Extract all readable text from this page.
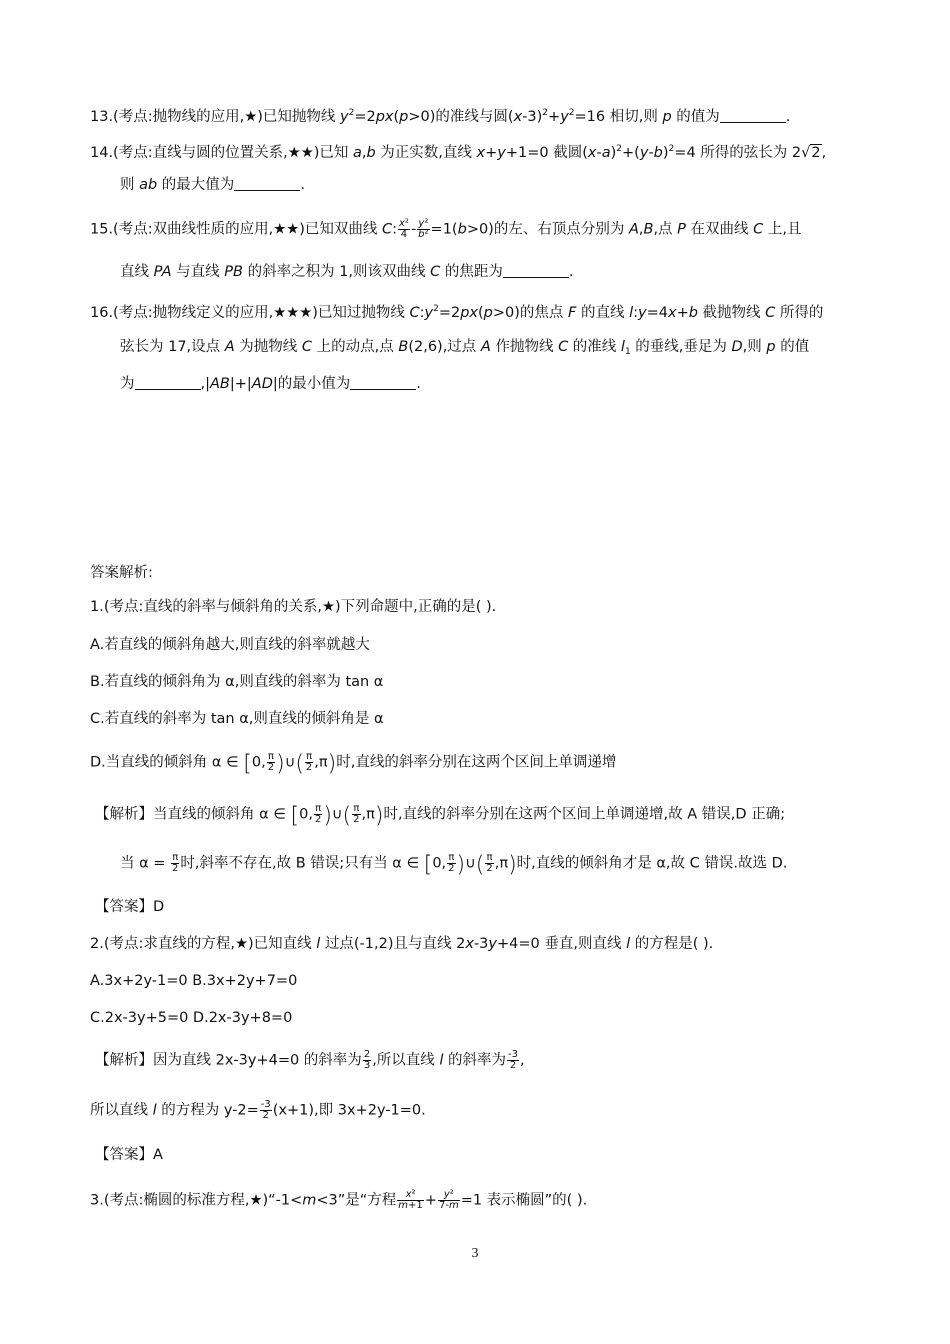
13.(考点:抛物线的应用,★)已知抛物线 $y^2=2px(p>0)$的准线与圆$(x-3)^2+y^2=16$ 相切,则 p 的值为	.
14.(考点:直线与圆的位置关系,★★)已知 a,b 为正实数,直线 x+y+1=0 截圆$(x-a)^2+(y-b)^2=4$ 所得的弦长为 2√2,
则 ab 的最大值为	.
15.(考点:双曲线性质的应用,★★)已知双曲线 C: $\frac{\text{x²}}{4} - \frac{\text{y²}}{\text{b²}} =1(b>0)$的左、右顶点分别为 A,B,点 P 在双曲线 C 上,且
直线 PA 与直线 PB 的斜率之积为 1,则该双曲线 C 的焦距为	.
16.(考点:抛物线定义的应用,★★★)已知过抛物线 $C:y^2=2px(p>0)$的焦点 F 的直线 l:y=4x+b 截抛物线 C 所得的
弦长为 17,设点 A 为抛物线 C 上的动点,点 B(2,6),过点 A 作抛物线 C 的准线 $l_1$ 的垂线,垂足为 D,则 p 的值
为	,|AB|+|AD|的最小值为	.
答案解析:
1.(考点:直线的斜率与倾斜角的关系,★)下列命题中,正确的是( ).
A.若直线的倾斜角越大,则直线的斜率就越大
B.若直线的倾斜角为 α,则直线的斜率为 tan α
C.若直线的斜率为 tan α,则直线的倾斜角是 α
D.当直线的倾斜角 α ∈ [0, $\frac{\pi}{2}$ )∪( $\frac{\pi}{2} ,\pi$)时,直线的斜率分别在这两个区间上单调递增
【解析】当直线的倾斜角 α ∈ [0, $\frac{\pi}{2}$ )∪( $\frac{\pi}{2} ,\pi$)时,直线的斜率分别在这两个区间上单调递增,故 A 错误,D 正确;
当 $\alpha = \frac{\pi}{2}$ 时,斜率不存在,故 B 错误;只有当 α ∈ [0, $\frac{\pi}{2}$ )∪( $\frac{\pi}{2} ,\pi$)时,直线的倾斜角才是 α,故 C 错误.故选 D.
【答案】D
2.(考点:求直线的方程,★)已知直线 l 过点(-1,2)且与直线 2x-3y+4=0 垂直,则直线 l 的方程是( ).
A.3x+2y-1=0 B.3x+2y+7=0
C.2x-3y+5=0 D.2x-3y+8=0
【解析】因为直线 2x-3y+4=0 的斜率为 $\frac{2}{3}$ ,所以直线 l 的斜率为 $\frac{-3}{2}$ ,
所以直线 l 的方程为 $y-2= \frac{-3}{2} (x+1)$,即 3x+2y-1=0.
【答案】A
3.(考点:椭圆的标准方程,★)“-1<m<3”是“方程 $\frac{\text{x²}}{m+1} + \frac{\text{y²}}{7-m} =1$ 表示椭圆”的( ).
3
